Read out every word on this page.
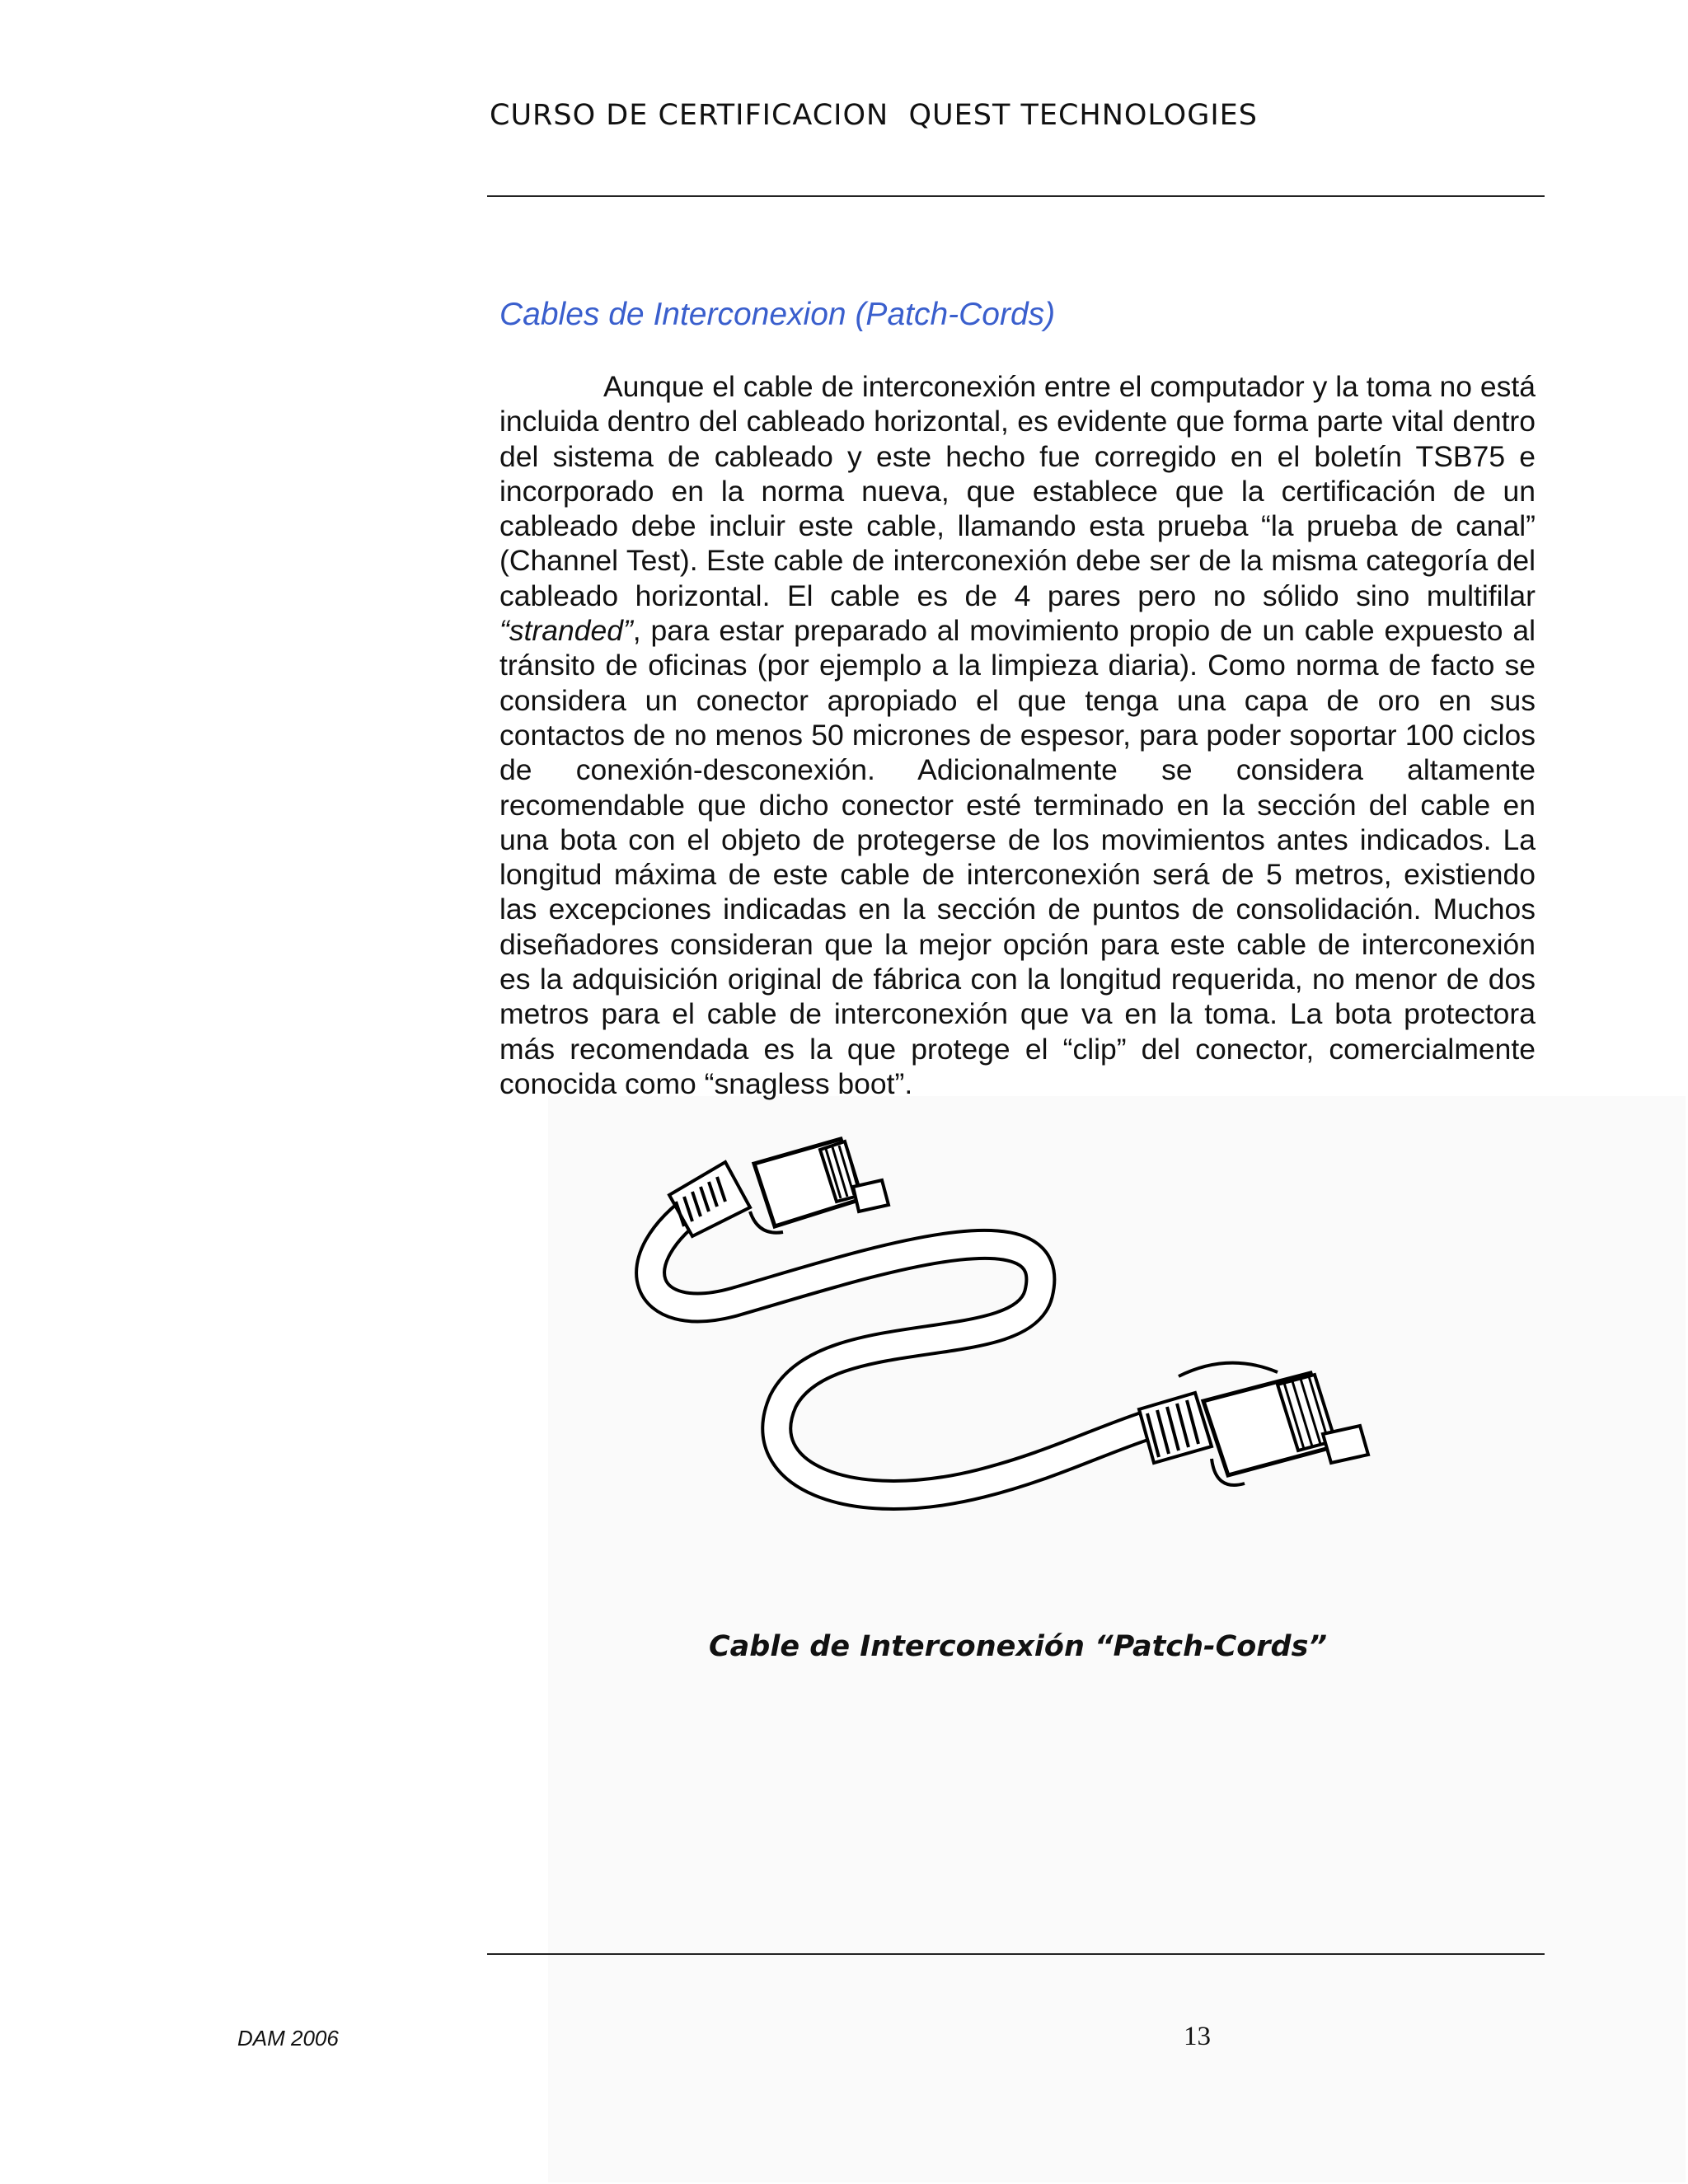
CURSO DE CERTIFICACION  QUEST TECHNOLOGIES
Cables de Interconexion (Patch-Cords)

Aunque el cable de interconexión entre el computador y la toma no está incluida dentro del cableado horizontal, es evidente que forma parte vital dentro del sistema de cableado y este hecho fue corregido en el boletín TSB75 e incorporado en la norma nueva, que establece que la certificación de un cableado debe incluir este cable, llamando esta prueba “la prueba de canal” (Channel Test). Este cable de interconexión debe ser de la misma categoría del cableado horizontal. El cable es de 4 pares pero no sólido sino multifilar “stranded”, para estar preparado al movimiento propio de un cable expuesto al tránsito de oficinas (por ejemplo a la limpieza diaria). Como norma de facto se considera un conector apropiado el que tenga una capa de oro en sus contactos de no menos 50 micrones de espesor, para poder soportar 100 ciclos de conexión-desconexión. Adicionalmente se considera altamente recomendable que dicho conector esté terminado en la sección del cable en una bota con el objeto de protegerse de los movimientos antes indicados. La longitud máxima de este cable de interconexión será de 5 metros, existiendo las excepciones indicadas en la sección de puntos de consolidación. Muchos diseñadores consideran que la mejor opción para este cable de interconexión es la adquisición original de fábrica con la longitud requerida, no menor de dos metros para el cable de interconexión que va en la toma. La bota protectora más recomendada es la que protege el “clip” del conector, comercialmente conocida como “snagless boot”.

Cable de Interconexión “Patch-Cords”
DAM 2006	13
